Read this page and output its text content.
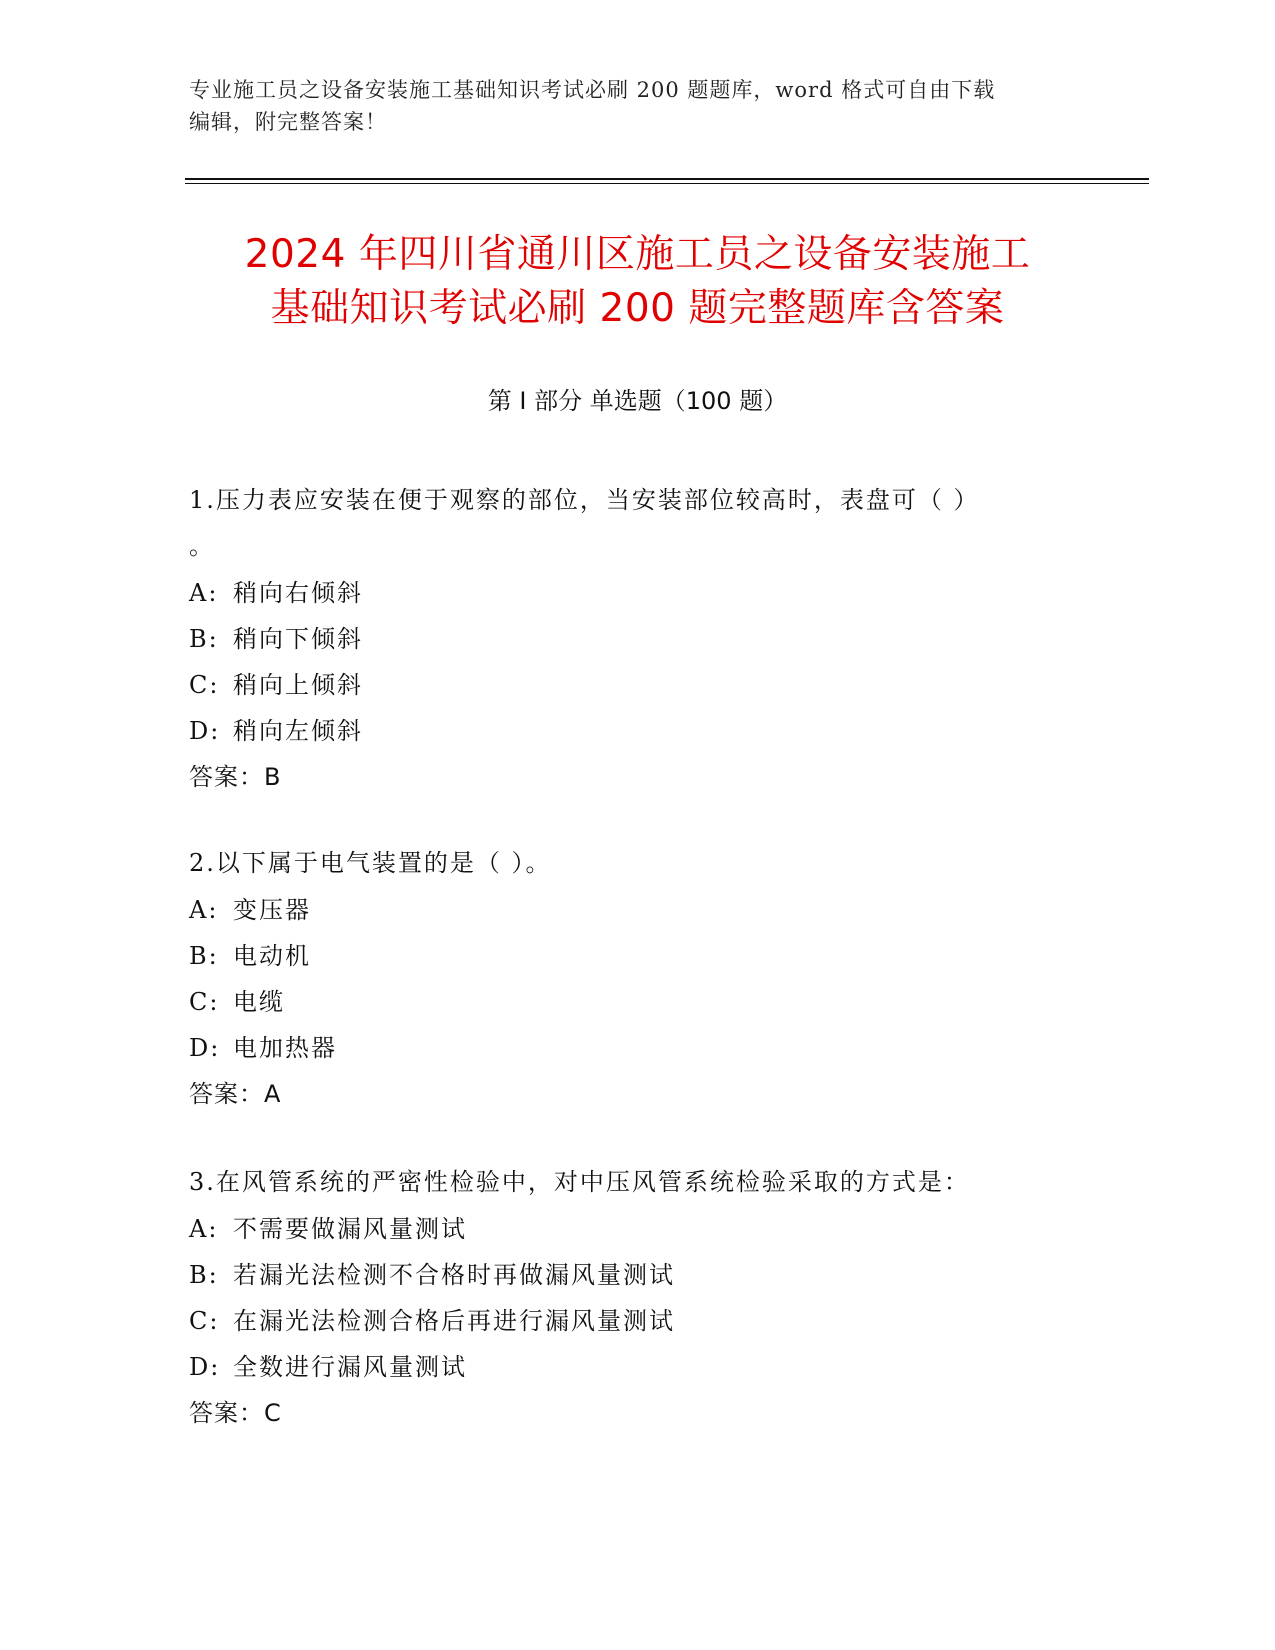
专业施工员之设备安装施工基础知识考试必刷 200 题题库，word 格式可自由下载
编辑，附完整答案！
2024 年四川省通川区施工员之设备安装施工
基础知识考试必刷 200 题完整题库含答案
第 I 部分 单选题（100 题）

1.压力表应安装在便于观察的部位，当安装部位较高时，表盘可（ ）

。

A: 稍向右倾斜

B: 稍向下倾斜

C: 稍向上倾斜

D: 稍向左倾斜

答案：B

2.以下属于电气装置的是（ ）。

A: 变压器

B: 电动机

C: 电缆

D: 电加热器

答案：A

3.在风管系统的严密性检验中，对中压风管系统检验采取的方式是：

A: 不需要做漏风量测试

B: 若漏光法检测不合格时再做漏风量测试

C: 在漏光法检测合格后再进行漏风量测试

D: 全数进行漏风量测试

答案：C
